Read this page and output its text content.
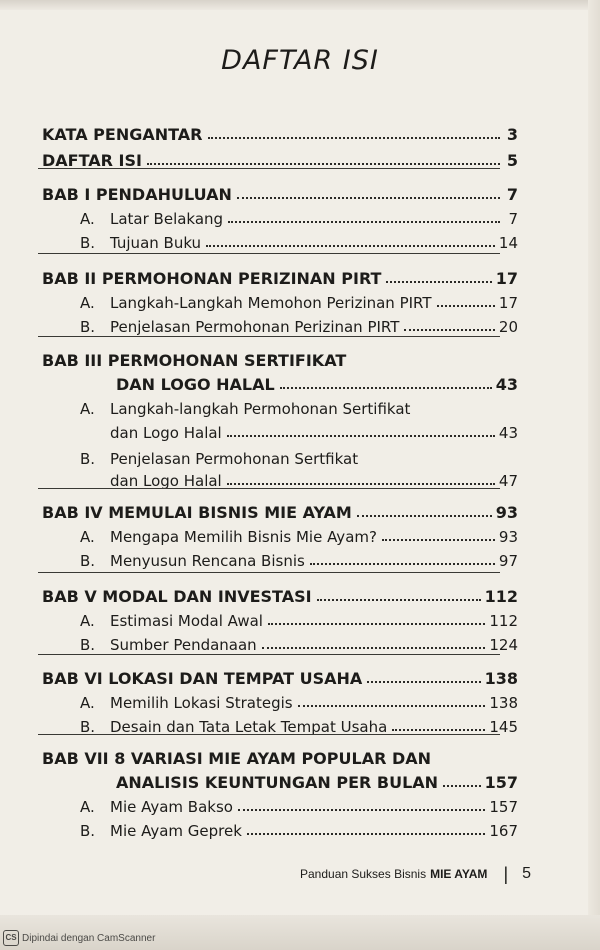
DAFTAR ISI
KATA PENGANTAR	3
DAFTAR ISI	5
BAB I PENDAHULUAN	7
A. Latar Belakang	7
B. Tujuan Buku	14
BAB II PERMOHONAN PERIZINAN PIRT	17
A. Langkah-Langkah Memohon Perizinan PIRT	17
B. Penjelasan Permohonan Perizinan PIRT	20
BAB III PERMOHONAN SERTIFIKAT
DAN LOGO HALAL	43
A.	Langkah-langkah Permohonan Sertifikat
dan Logo Halal	43
B. Penjelasan Permohonan Sertfikat
dan Logo Halal	47
BAB IV MEMULAI BISNIS MIE AYAM	93
A. Mengapa Memilih Bisnis Mie Ayam?	93
B. Menyusun Rencana Bisnis	97
BAB V MODAL DAN INVESTASI	112
A. Estimasi Modal Awal	112
B. Sumber Pendanaan	124
BAB VI LOKASI DAN TEMPAT USAHA	138
A. Memilih Lokasi Strategis	138
B. Desain dan Tata Letak Tempat Usaha	145
BAB VII 8 VARIASI MIE AYAM POPULAR DAN
ANALISIS KEUNTUNGAN PER BULAN	157
A. Mie Ayam Bakso	157
B. Mie Ayam Geprek	167
Panduan Sukses Bisnis MIE AYAM | 5
CS Dipindai dengan CamScanner
